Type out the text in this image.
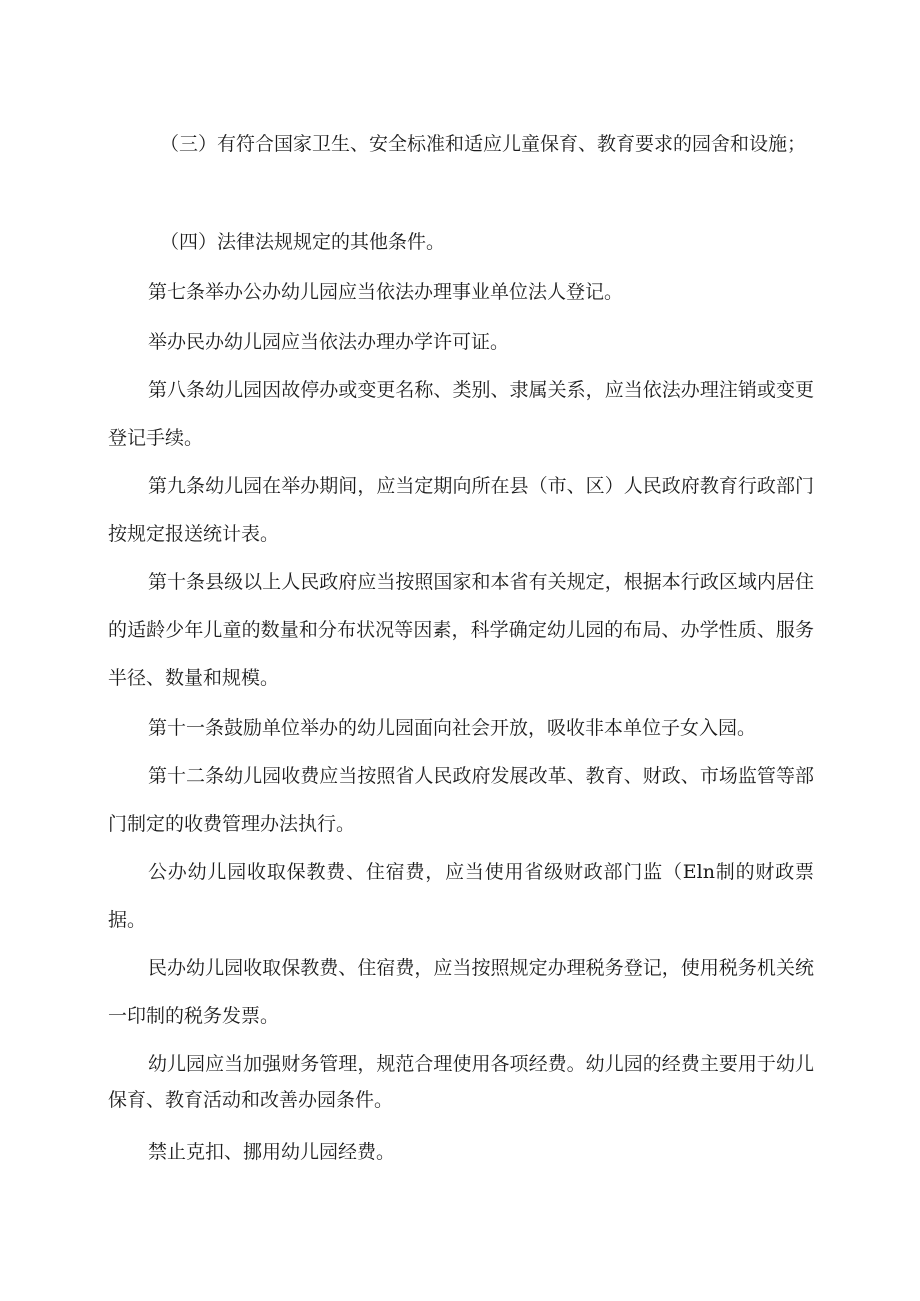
（三）有符合国家卫生、安全标准和适应儿童保育、教育要求的园舍和设施；

（四）法律法规规定的其他条件。

第七条举办公办幼儿园应当依法办理事业单位法人登记。

举办民办幼儿园应当依法办理办学许可证。

第八条幼儿园因故停办或变更名称、类别、隶属关系，应当依法办理注销或变更登记手续。

第九条幼儿园在举办期间，应当定期向所在县（市、区）人民政府教育行政部门按规定报送统计表。

第十条县级以上人民政府应当按照国家和本省有关规定，根据本行政区域内居住的适龄少年儿童的数量和分布状况等因素，科学确定幼儿园的布局、办学性质、服务半径、数量和规模。

第十一条鼓励单位举办的幼儿园面向社会开放，吸收非本单位子女入园。

第十二条幼儿园收费应当按照省人民政府发展改革、教育、财政、市场监管等部门制定的收费管理办法执行。

公办幼儿园收取保教费、住宿费，应当使用省级财政部门监（Eln制的财政票据。

民办幼儿园收取保教费、住宿费，应当按照规定办理税务登记，使用税务机关统一印制的税务发票。

幼儿园应当加强财务管理，规范合理使用各项经费。幼儿园的经费主要用于幼儿保育、教育活动和改善办园条件。

禁止克扣、挪用幼儿园经费。
